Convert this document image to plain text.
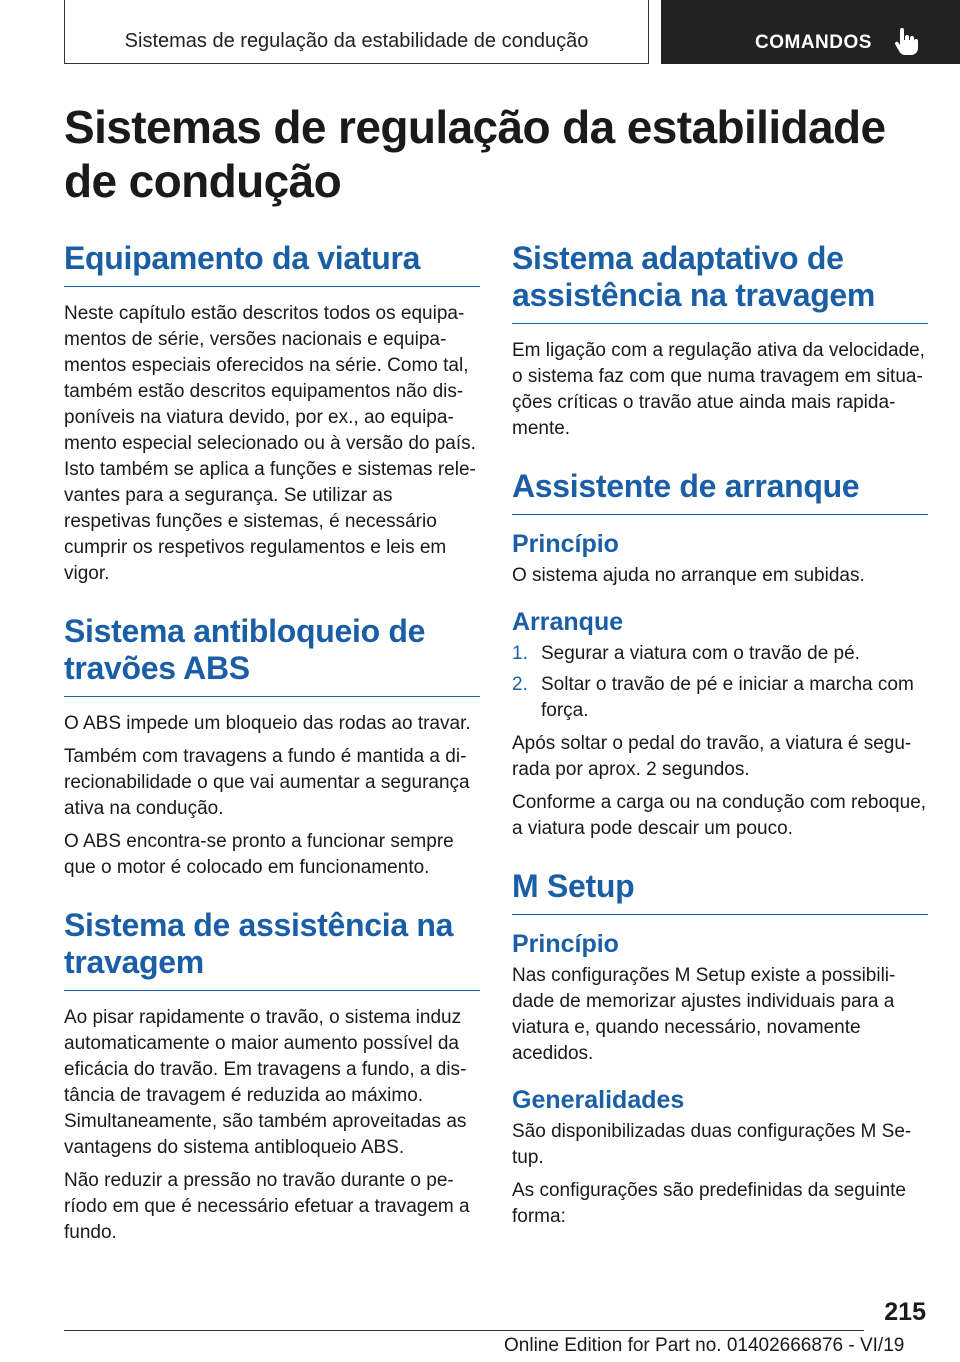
Sistemas de regulação da estabilidade de condução	COMANDOS
Sistemas de regulação da estabilidade de condução
Equipamento da viatura

Neste capítulo estão descritos todos os equipamentos de série, versões nacionais e equipamentos especiais oferecidos na série. Como tal, também estão descritos equipamentos não disponíveis na viatura devido, por ex., ao equipamento especial selecionado ou à versão do país. Isto também se aplica a funções e sistemas relevantes para a segurança. Se utilizar as respetivas funções e sistemas, é necessário cumprir os respetivos regulamentos e leis em vigor.

Sistema antibloqueio de travões ABS

O ABS impede um bloqueio das rodas ao travar.

Também com travagens a fundo é mantida a direcionabilidade o que vai aumentar a segurança ativa na condução.

O ABS encontra-se pronto a funcionar sempre que o motor é colocado em funcionamento.

Sistema de assistência na travagem

Ao pisar rapidamente o travão, o sistema induz automaticamente o maior aumento possível da eficácia do travão. Em travagens a fundo, a distância de travagem é reduzida ao máximo. Simultaneamente, são também aproveitadas as vantagens do sistema antibloqueio ABS.

Não reduzir a pressão no travão durante o período em que é necessário efetuar a travagem a fundo.

Sistema adaptativo de assistência na travagem

Em ligação com a regulação ativa da velocidade, o sistema faz com que numa travagem em situações críticas o travão atue ainda mais rapidamente.

Assistente de arranque
Princípio

O sistema ajuda no arranque em subidas.

Arranque
1. Segurar a viatura com o travão de pé.
2. Soltar o travão de pé e iniciar a marcha com força.

Após soltar o pedal do travão, a viatura é segurada por aprox. 2 segundos.

Conforme a carga ou na condução com reboque, a viatura pode descair um pouco.

M Setup
Princípio

Nas configurações M Setup existe a possibilidade de memorizar ajustes individuais para a viatura e, quando necessário, novamente acedidos.

Generalidades

São disponibilizadas duas configurações M Setup.

As configurações são predefinidas da seguinte forma:

215
Online Edition for Part no. 01402666876 - VI/19
